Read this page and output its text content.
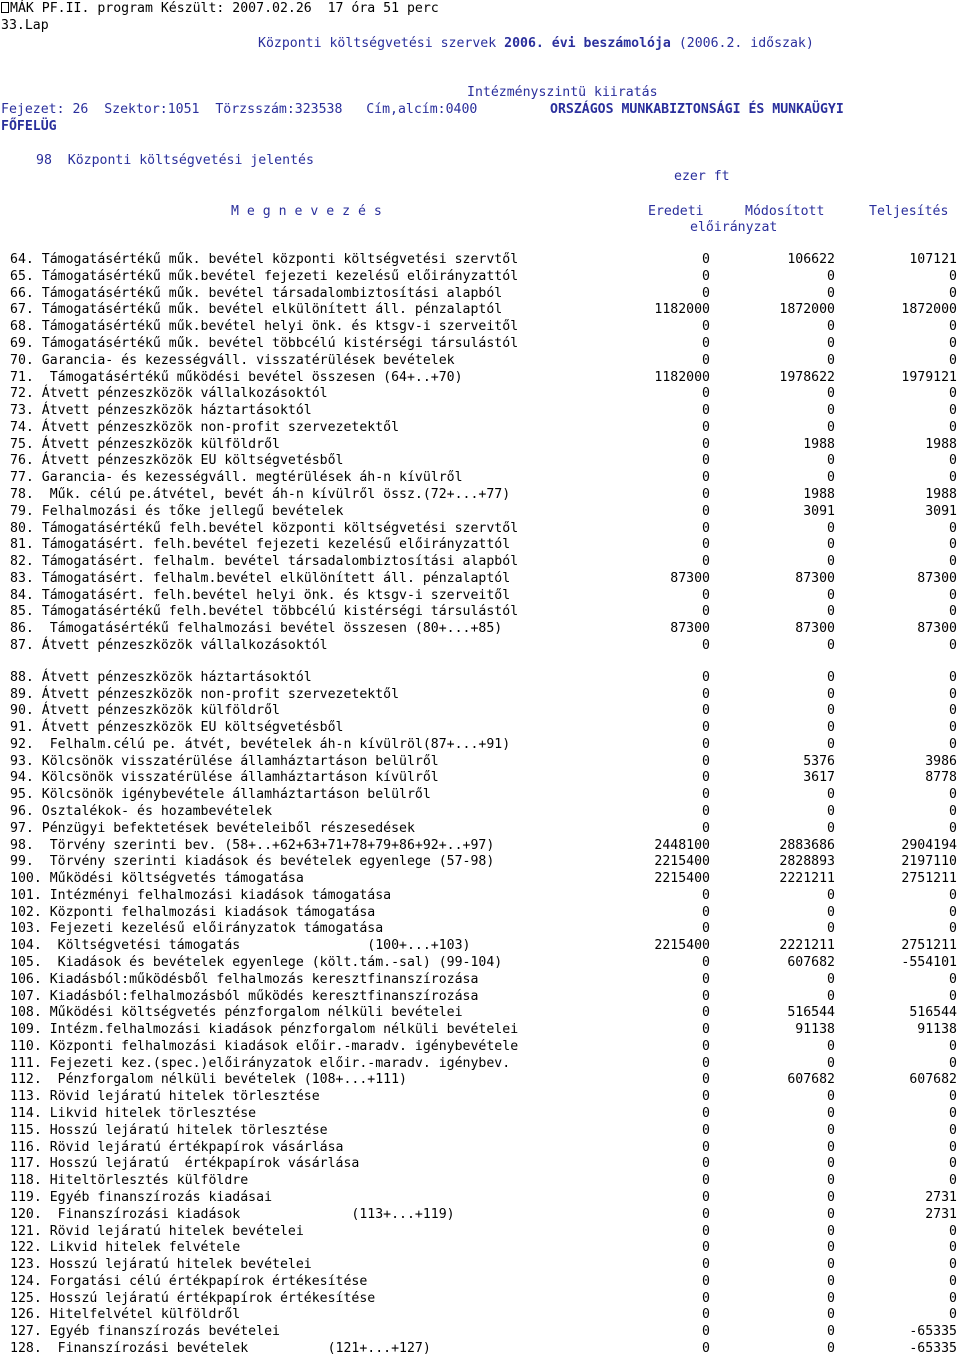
MÁK PF.II. program Készült: 2007.02.26  17 óra 51 perc
33.Lap
Központi költségvetési szervek 2006. évi beszámolója (2006.2. időszak)
Intézményszintü kiiratás
Fejezet: 26  Szektor:1051  Törzsszám:323538   Cím,alcím:0400	ORSZÁGOS MUNKABIZTONSÁGI ÉS MUNKAÜGYI
FŐFELÜG
98  Központi költségvetési jelentés
ezer ft
M e g n e v e z é s	Eredeti	Módosított
előirányzat
Teljesítés
64. Támogatásértékű műk. bevétel központi költségvetési szervtől	0	106622	107121
65. Támogatásértékű műk.bevétel fejezeti kezelésű előirányzattól	0	0	0
66. Támogatásértékű műk. bevétel társadalombiztosítási alapból	0	0	0
67. Támogatásértékű műk. bevétel elkülönített áll. pénzalaptól	1182000	1872000	1872000
68. Támogatásértékű műk.bevétel helyi önk. és ktsgv-i szerveitől	0	0	0
69. Támogatásértékű műk. bevétel többcélú kistérségi társulástól	0	0	0
70. Garancia- és kezességváll. visszatérülések bevételek	0	0	0
71.  Támogatásértékű működési bevétel összesen (64+..+70)	1182000	1978622	1979121
72. Átvett pénzeszközök vállalkozásoktól	0	0	0
73. Átvett pénzeszközök háztartásoktól	0	0	0
74. Átvett pénzeszközök non-profit szervezetektől	0	0	0
75. Átvett pénzeszközök külföldről	0	1988	1988
76. Átvett pénzeszközök EU költségvetésből	0	0	0
77. Garancia- és kezességváll. megtérülések áh-n kívülről	0	0	0
78.  Műk. célú pe.átvétel, bevét áh-n kívülről össz.(72+...+77)	0	1988	1988
79. Felhalmozási és tőke jellegű bevételek	0	3091	3091
80. Támogatásértékű felh.bevétel központi költségvetési szervtől	0	0	0
81. Támogatásért. felh.bevétel fejezeti kezelésű előirányzattól	0	0	0
82. Támogatásért. felhalm. bevétel társadalombiztosítási alapból	0	0	0
83. Támogatásért. felhalm.bevétel elkülönített áll. pénzalaptól	87300	87300	87300
84. Támogatásért. felh.bevétel helyi önk. és ktsgv-i szerveitől	0	0	0
85. Támogatásértékű felh.bevétel többcélú kistérségi társulástól	0	0	0
86.  Támogatásértékű felhalmozási bevétel összesen (80+...+85)	87300	87300	87300
87. Átvett pénzeszközök vállalkozásoktól	0	0	0
88. Átvett pénzeszközök háztartásoktól	0	0	0
89. Átvett pénzeszközök non-profit szervezetektől	0	0	0
90. Átvett pénzeszközök külföldről	0	0	0
91. Átvett pénzeszközök EU költségvetésből	0	0	0
92.  Felhalm.célú pe. átvét, bevételek áh-n kívülröl(87+...+91)	0	0	0
93. Kölcsönök visszatérülése államháztartáson belülről	0	5376	3986
94. Kölcsönök visszatérülése államháztartáson kívülről	0	3617	8778
95. Kölcsönök igénybevétele államháztartáson belülről	0	0	0
96. Osztalékok- és hozambevételek	0	0	0
97. Pénzügyi befektetések bevételeiből részesedések	0	0	0
98.  Törvény szerinti bev. (58+..+62+63+71+78+79+86+92+..+97)	2448100	2883686	2904194
99.  Törvény szerinti kiadások és bevételek egyenlege (57-98)	2215400	2828893	2197110
100. Működési költségvetés támogatása	2215400	2221211	2751211
101. Intézményi felhalmozási kiadások támogatása	0	0	0
102. Központi felhalmozási kiadások támogatása	0	0	0
103. Fejezeti kezelésű előirányzatok támogatása	0	0	0
104.  Költségvetési támogatás                (100+...+103)	2215400	2221211	2751211
105.  Kiadások és bevételek egyenlege (költ.tám.-sal) (99-104)	0	607682	-554101
106. Kiadásból:működésből felhalmozás keresztfinanszírozása	0	0	0
107. Kiadásból:felhalmozásból működés keresztfinanszírozása	0	0	0
108. Működési költségvetés pénzforgalom nélküli bevételei	0	516544	516544
109. Intézm.felhalmozási kiadások pénzforgalom nélküli bevételei	0	91138	91138
110. Központi felhalmozási kiadások előir.-maradv. igénybevétele	0	0	0
111. Fejezeti kez.(spec.)előirányzatok előir.-maradv. igénybev.	0	0	0
112.  Pénzforgalom nélküli bevételek (108+...+111)	0	607682	607682
113. Rövid lejáratú hitelek törlesztése	0	0	0
114. Likvid hitelek törlesztése	0	0	0
115. Hosszú lejáratú hitelek törlesztése	0	0	0
116. Rövid lejáratú értékpapírok vásárlása	0	0	0
117. Hosszú lejáratú  értékpapírok vásárlása	0	0	0
118. Hiteltörlesztés külföldre	0	0	0
119. Egyéb finanszírozás kiadásai	0	0	2731
120.  Finanszírozási kiadások              (113+...+119)	0	0	2731
121. Rövid lejáratú hitelek bevételei	0	0	0
122. Likvid hitelek felvétele	0	0	0
123. Hosszú lejáratú hitelek bevételei	0	0	0
124. Forgatási célú értékpapírok értékesítése	0	0	0
125. Hosszú lejáratú értékpapírok értékesítése	0	0	0
126. Hitelfelvétel külföldről	0	0	0
127. Egyéb finanszírozás bevételei	0	0	-65335
128.  Finanszírozási bevételek          (121+...+127)	0	0	-65335
